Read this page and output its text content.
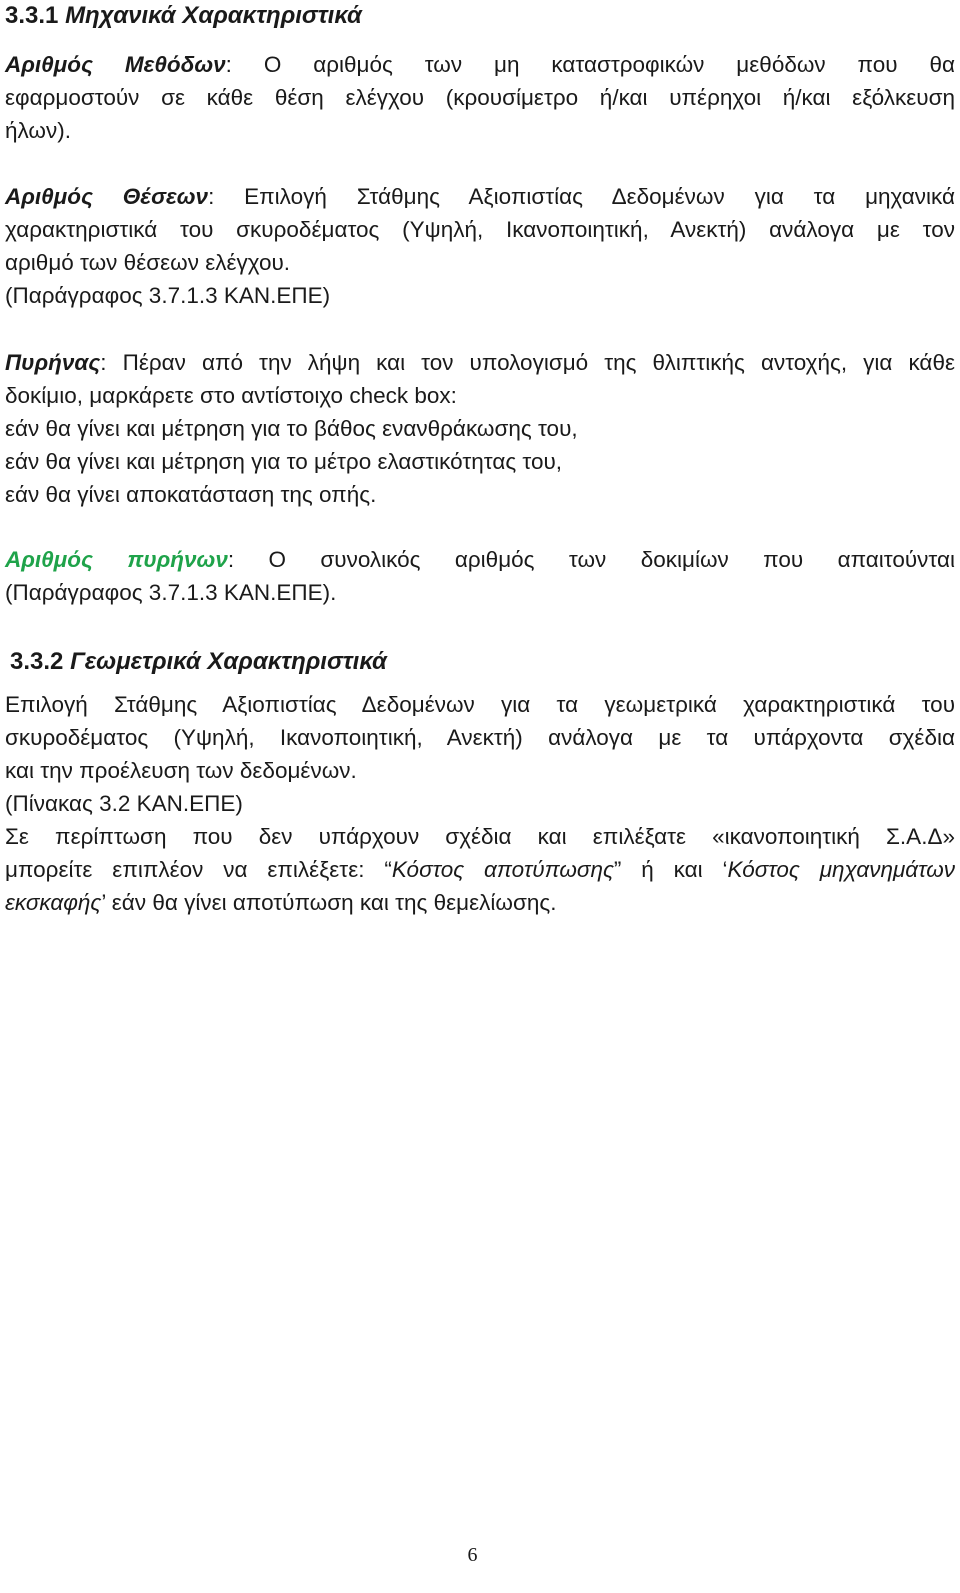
3.3.1 Μηχανικά Χαρακτηριστικά

Αριθμός Μεθόδων: Ο αριθμός των μη καταστροφικών μεθόδων που θα
εφαρμοστούν σε κάθε θέση ελέγχου (κρουσίμετρο ή/και υπέρηχοι ή/και εξόλκευση
ήλων).

Αριθμός Θέσεων: Επιλογή Στάθμης Αξιοπιστίας Δεδομένων για τα μηχανικά
χαρακτηριστικά του σκυροδέματος (Υψηλή, Ικανοποιητική, Ανεκτή) ανάλογα με τον
αριθμό των θέσεων ελέγχου.
(Παράγραφος 3.7.1.3 ΚΑΝ.ΕΠΕ)

Πυρήνας: Πέραν από την λήψη και τον υπολογισμό της θλιπτικής αντοχής, για κάθε
δοκίμιο, μαρκάρετε στο αντίστοιχο check box:
εάν θα γίνει και μέτρηση για το βάθος ενανθράκωσης του,
εάν θα γίνει και μέτρηση για το μέτρο ελαστικότητας του,
εάν θα γίνει αποκατάσταση της οπής.

Αριθμός πυρήνων: Ο συνολικός αριθμός των δοκιμίων που απαιτούνται
(Παράγραφος 3.7.1.3 ΚΑΝ.ΕΠΕ).

3.3.2 Γεωμετρικά Χαρακτηριστικά

Επιλογή Στάθμης Αξιοπιστίας Δεδομένων για τα γεωμετρικά χαρακτηριστικά του
σκυροδέματος (Υψηλή, Ικανοποιητική, Ανεκτή) ανάλογα με τα υπάρχοντα σχέδια
και την προέλευση των δεδομένων.
(Πίνακας 3.2 ΚΑΝ.ΕΠΕ)
Σε περίπτωση που δεν υπάρχουν σχέδια και επιλέξατε «ικανοποιητική Σ.Α.Δ»
μπορείτε επιπλέον να επιλέξετε: “Κόστος αποτύπωσης” ή και ‘Κόστος μηχανημάτων
εκσκαφής’ εάν θα γίνει αποτύπωση και της θεμελίωσης.

6
